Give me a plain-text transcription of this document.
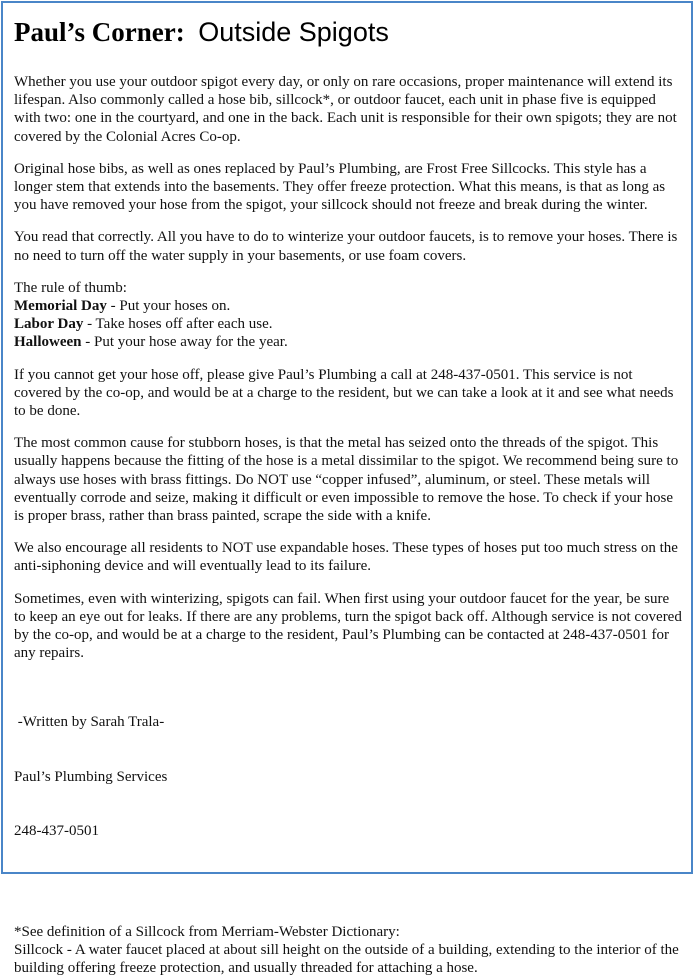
Paul’s Corner: Outside Spigots

Whether you use your outdoor spigot every day, or only on rare occasions, proper maintenance will extend its lifespan. Also commonly called a hose bib, sillcock*, or outdoor faucet, each unit in phase five is equipped with two: one in the courtyard, and one in the back. Each unit is responsible for their own spigots; they are not covered by the Colonial Acres Co-op.

Original hose bibs, as well as ones replaced by Paul’s Plumbing, are Frost Free Sillcocks. This style has a longer stem that extends into the basements. They offer freeze protection. What this means, is that as long as you have removed your hose from the spigot, your sillcock should not freeze and break during the winter.

You read that correctly. All you have to do to winterize your outdoor faucets, is to remove your hoses. There is no need to turn off the water supply in your basements, or use foam covers.

The rule of thumb:
Memorial Day - Put your hoses on.
Labor Day - Take hoses off after each use.
Halloween - Put your hose away for the year.

If you cannot get your hose off, please give Paul’s Plumbing a call at 248-437-0501. This service is not covered by the co-op, and would be at a charge to the resident, but we can take a look at it and see what needs to be done.

The most common cause for stubborn hoses, is that the metal has seized onto the threads of the spigot. This usually happens because the fitting of the hose is a metal dissimilar to the spigot. We recommend being sure to always use hoses with brass fittings. Do NOT use “copper infused”, aluminum, or steel. These metals will eventually corrode and seize, making it difficult or even impossible to remove the hose. To check if your hose is proper brass, rather than brass painted, scrape the side with a knife.

We also encourage all residents to NOT use expandable hoses. These types of hoses put too much stress on the anti-siphoning device and will eventually lead to its failure.

Sometimes, even with winterizing, spigots can fail. When first using your outdoor faucet for the year, be sure to keep an eye out for leaks. If there are any problems, turn the spigot back off. Although service is not covered by the co-op, and would be at a charge to the resident, Paul’s Plumbing can be contacted at 248-437-0501 for any repairs.

-Written by Sarah Trala-

Paul’s Plumbing Services

248-437-0501

*See definition of a Sillcock from Merriam-Webster Dictionary:
Sillcock - A water faucet placed at about sill height on the outside of a building, extending to the interior of the building offering freeze protection, and usually threaded for attaching a hose.
